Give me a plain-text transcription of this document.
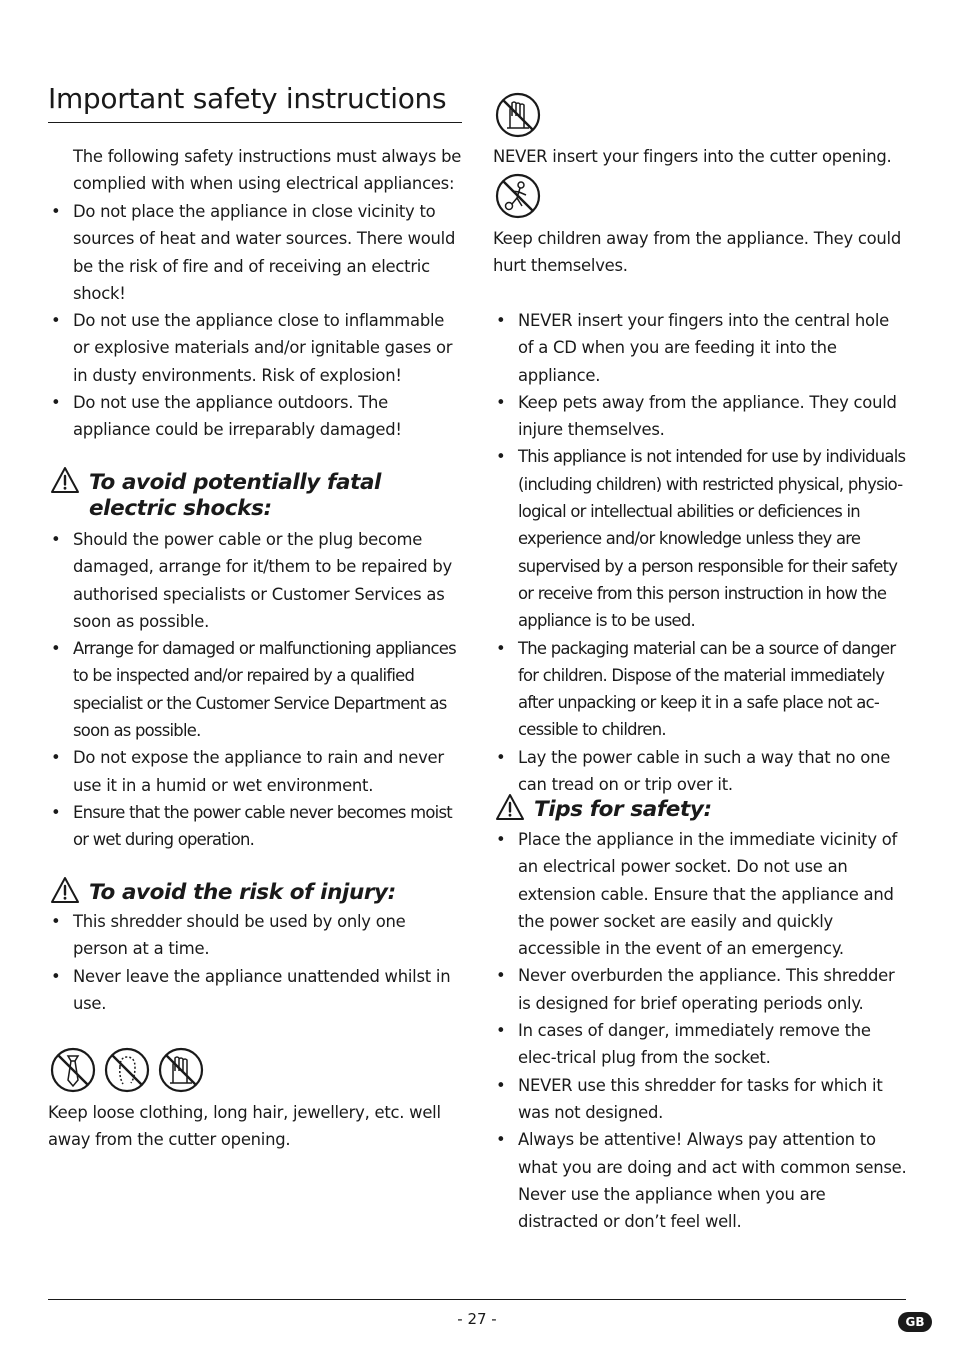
Important safety instructions

The following safety instructions must always be complied with when using electrical appliances:

• Do not place the appliance in close vicinity to sources of heat and water sources. There would be the risk of fire and of receiving an electric shock!
• Do not use the appliance close to inflammable or explosive materials and/or ignitable gases or in dusty environments. Risk of explosion!
• Do not use the appliance outdoors. The appliance could be irreparably damaged!
To avoid potentially fatal electric shocks:
• Should the power cable or the plug become damaged, arrange for it/them to be repaired by authorised specialists or Customer Services as soon as possible.
• Arrange for damaged or malfunctioning appliances to be inspected and/or repaired by a qualified specialist or the Customer Service Department as soon as possible.
• Do not expose the appliance to rain and never use it in a humid or wet environment.
• Ensure that the power cable never becomes moist or wet during operation.
To avoid the risk of injury:
• This shredder should be used by only one person at a time.
• Never leave the appliance unattended whilst in use.

Keep loose clothing, long hair, jewellery, etc. well away from the cutter opening.

NEVER insert your fingers into the cutter opening.

Keep children away from the appliance. They could hurt themselves.

• NEVER insert your fingers into the central hole of a CD when you are feeding it into the appliance.
• Keep pets away from the appliance. They could injure themselves.
• This appliance is not intended for use by individuals (including children) with restricted physical, physio-logical or intellectual abilities or deficiences in experience and/or knowledge unless they are supervised by a person responsible for their safety or receive from this person instruction in how the appliance is to be used.
• The packaging material can be a source of danger for children. Dispose of the material immediately after unpacking or keep it in a safe place not ac-cessible to children.
• Lay the power cable in such a way that no one can tread on or trip over it.
Tips for safety:
• Place the appliance in the immediate vicinity of an electrical power socket. Do not use an extension cable. Ensure that the appliance and the power socket are easily and quickly accessible in the event of an emergency.
• Never overburden the appliance. This shredder is designed for brief operating periods only.
• In cases of danger, immediately remove the elec-trical plug from the socket.
• NEVER use this shredder for tasks for which it was not designed.
• Always be attentive! Always pay attention to what you are doing and act with common sense. Never use the appliance when you are distracted or don’t feel well.
- 27 -	GB
